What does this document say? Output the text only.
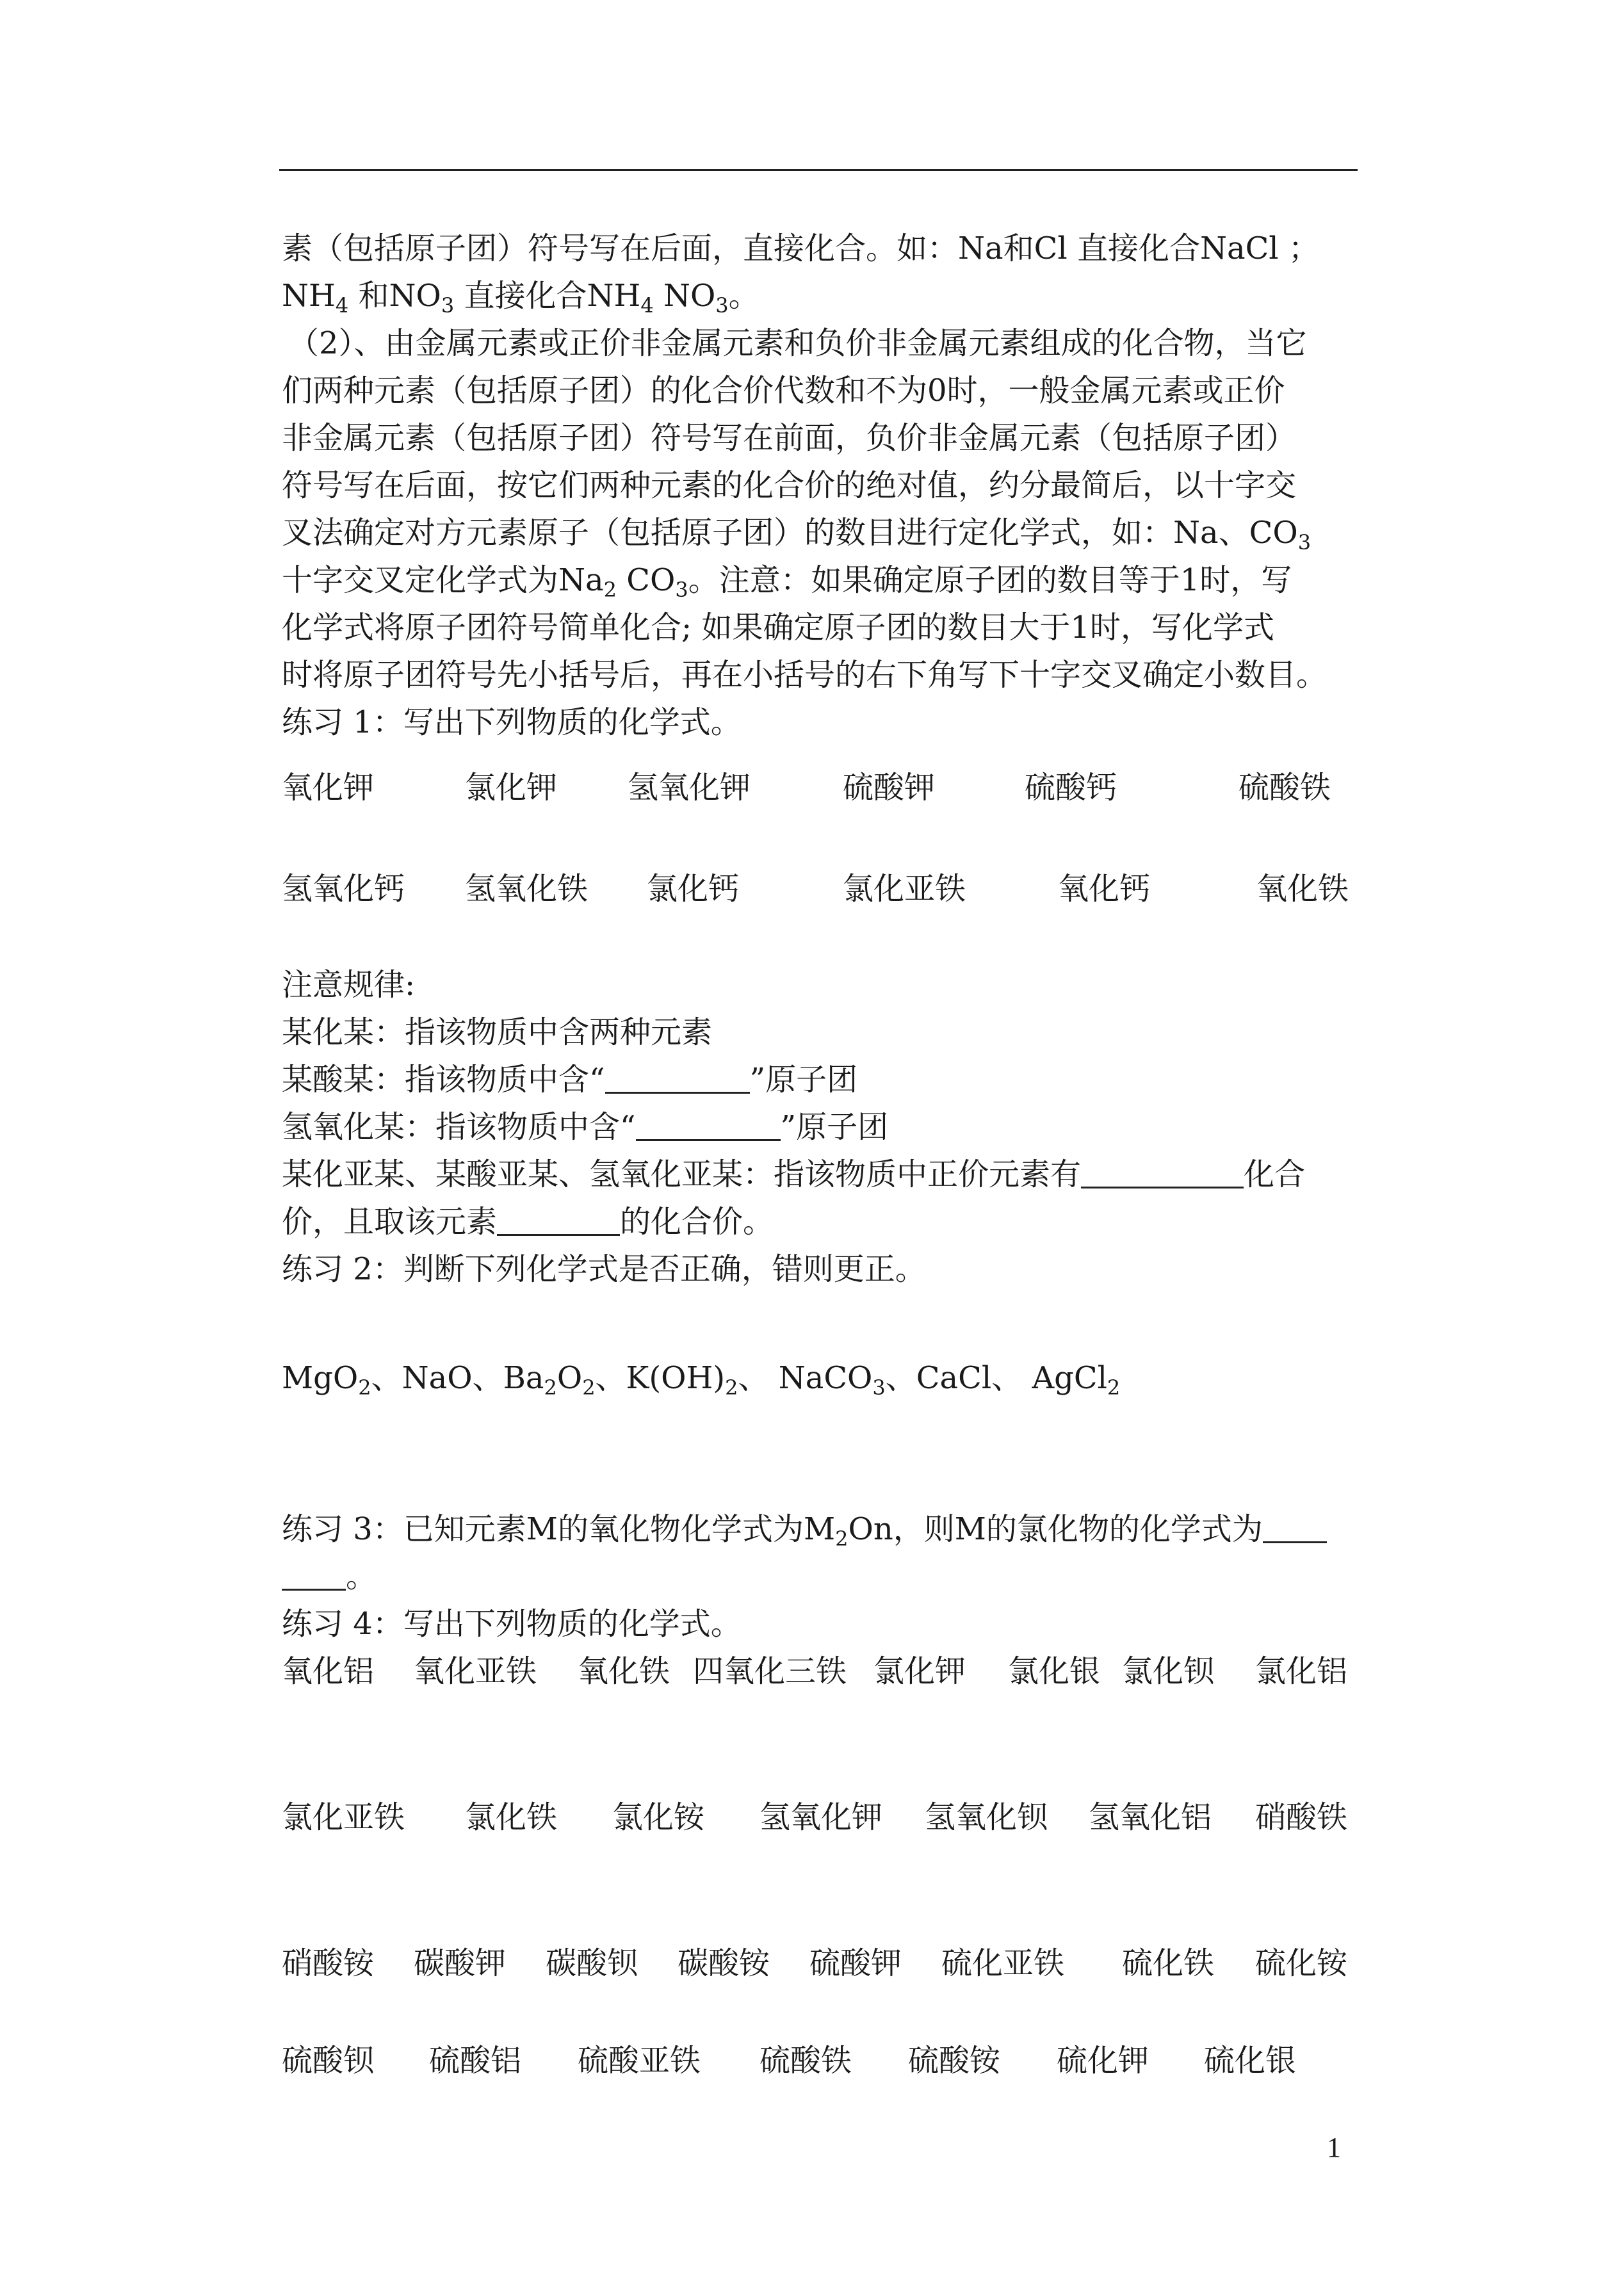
素（包括原子团）符号写在后面，直接化合。如：Na和Cl 直接化合NaCl ；
$NH_4$ 和$NO_3$ 直接化合$NH_4$ $NO_3$。
（2）、由金属元素或正价非金属元素和负价非金属元素组成的化合物，当它
们两种元素（包括原子团）的化合价代数和不为0时，一般金属元素或正价
非金属元素（包括原子团）符号写在前面，负价非金属元素（包括原子团）
符号写在后面，按它们两种元素的化合价的绝对值，约分最简后，以十字交
叉法确定对方元素原子（包括原子团）的数目进行定化学式，如：Na、$CO_3$
十字交叉定化学式为$Na_2$ $CO_3$。注意：如果确定原子团的数目等于1时，写
化学式将原子团符号简单化合; 如果确定原子团的数目大于1时，写化学式
时将原子团符号先小括号后，再在小括号的右下角写下十字交叉确定小数目。
练习 1：写出下列物质的化学式。
氧化钾	氯化钾 氢氧化钾	硫酸钾	硫酸钙	硫酸铁
氢氧化钙 氢氧化铁 氯化钙	氯化亚铁	氧化钙	氧化铁
注意规律:
某化某：指该物质中含两种元素
某酸某：指该物质中含“	”原子团
氢氧化某：指该物质中含“	”原子团
某化亚某、某酸亚某、氢氧化亚某：指该物质中正价元素有	化合
价，且取该元素	的化合价。
练习 2：判断下列化学式是否正确，错则更正。
MgO$_2$、NaO、$Ba_2O_2$、$K(OH)_2$、 NaCO$_3$、CaCl、 AgCl$_2$
练习 3：已知元素M的氧化物化学式为$M_2On$，则M的氯化物的化学式为
。
练习 4：写出下列物质的化学式。
氧化铝 氧化亚铁 氧化铁 四氧化三铁 氯化钾 氯化银 氯化钡 氯化铝
氯化亚铁 氯化铁 氯化铵 氢氧化钾 氢氧化钡 氢氧化铝 硝酸铁
硝酸铵 碳酸钾 碳酸钡 碳酸铵 硫酸钾 硫化亚铁 硫化铁 硫化铵
硫酸钡 硫酸铝 硫酸亚铁 硫酸铁 硫酸铵 硫化钾 硫化银
1
